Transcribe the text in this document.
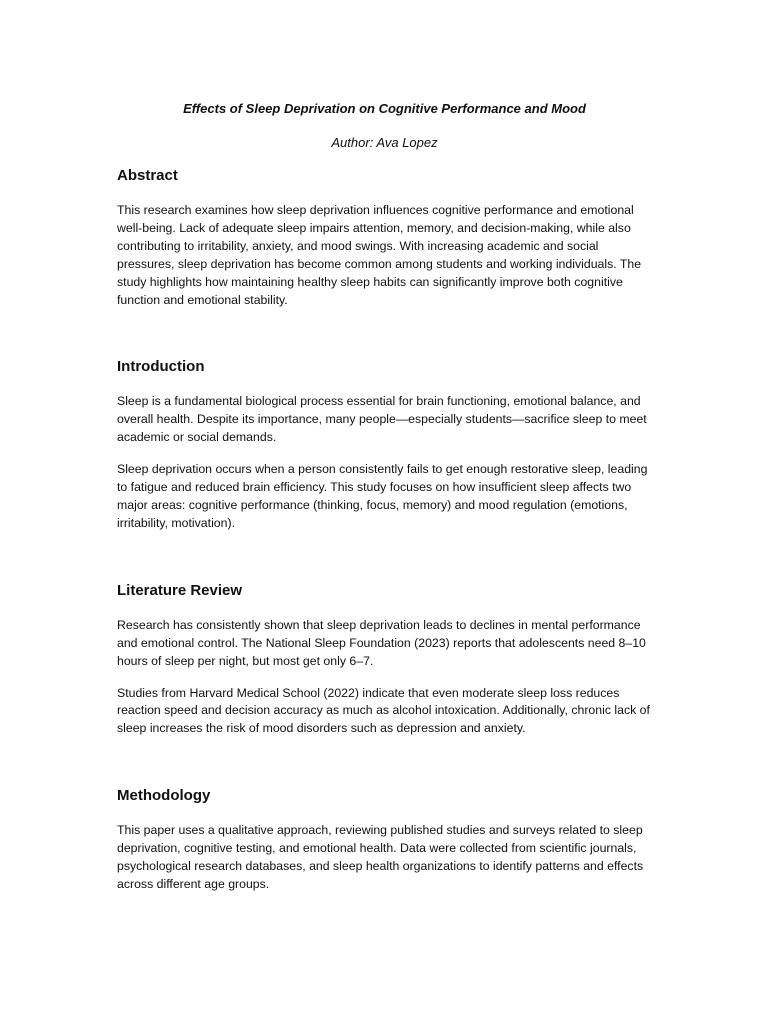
Effects of Sleep Deprivation on Cognitive Performance and Mood

Author: Ava Lopez

Abstract

This research examines how sleep deprivation influences cognitive performance and emotional well-being. Lack of adequate sleep impairs attention, memory, and decision-making, while also contributing to irritability, anxiety, and mood swings. With increasing academic and social pressures, sleep deprivation has become common among students and working individuals. The study highlights how maintaining healthy sleep habits can significantly improve both cognitive function and emotional stability.

Introduction

Sleep is a fundamental biological process essential for brain functioning, emotional balance, and overall health. Despite its importance, many people—especially students—sacrifice sleep to meet academic or social demands.

Sleep deprivation occurs when a person consistently fails to get enough restorative sleep, leading to fatigue and reduced brain efficiency. This study focuses on how insufficient sleep affects two major areas: cognitive performance (thinking, focus, memory) and mood regulation (emotions, irritability, motivation).

Literature Review

Research has consistently shown that sleep deprivation leads to declines in mental performance and emotional control. The National Sleep Foundation (2023) reports that adolescents need 8–10 hours of sleep per night, but most get only 6–7.

Studies from Harvard Medical School (2022) indicate that even moderate sleep loss reduces reaction speed and decision accuracy as much as alcohol intoxication. Additionally, chronic lack of sleep increases the risk of mood disorders such as depression and anxiety.

Methodology

This paper uses a qualitative approach, reviewing published studies and surveys related to sleep deprivation, cognitive testing, and emotional health. Data were collected from scientific journals, psychological research databases, and sleep health organizations to identify patterns and effects across different age groups.
